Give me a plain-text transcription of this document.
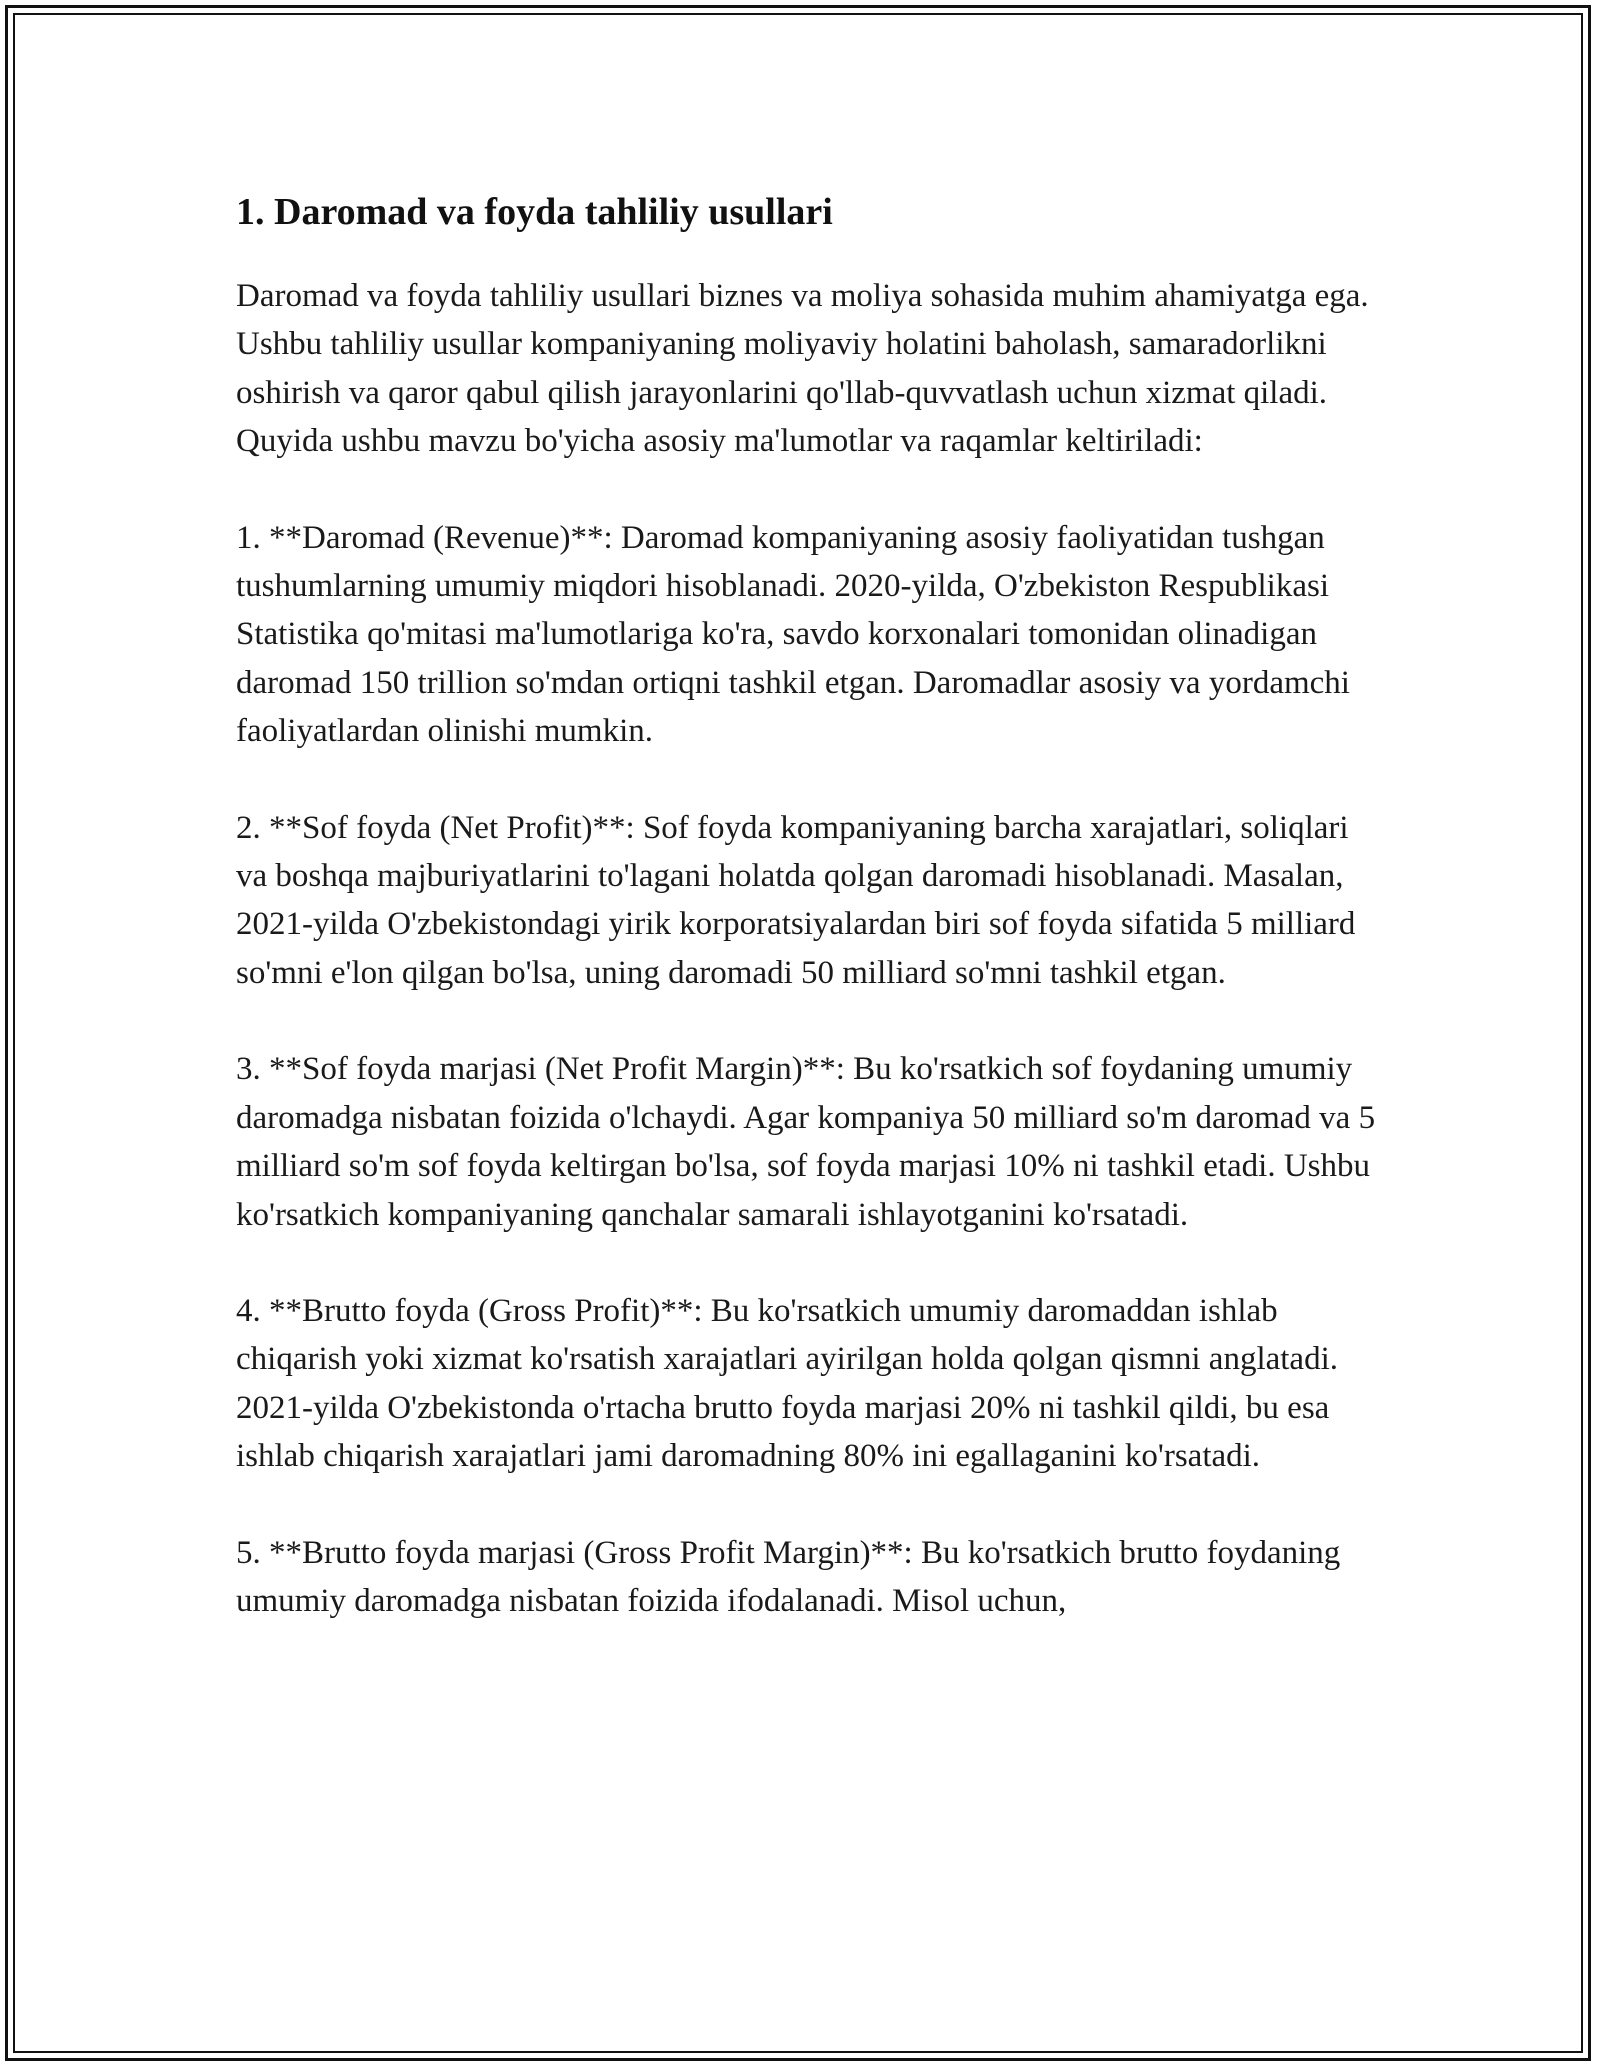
1. Daromad va foyda tahliliy usullari

Daromad va foyda tahliliy usullari biznes va moliya sohasida muhim ahamiyatga ega. Ushbu tahliliy usullar kompaniyaning moliyaviy holatini baholash, samaradorlikni oshirish va qaror qabul qilish jarayonlarini qo'llab-quvvatlash uchun xizmat qiladi. Quyida ushbu mavzu bo'yicha asosiy ma'lumotlar va raqamlar keltiriladi:

1. **Daromad (Revenue)**: Daromad kompaniyaning asosiy faoliyatidan tushgan tushumlarning umumiy miqdori hisoblanadi. 2020-yilda, O'zbekiston Respublikasi Statistika qo'mitasi ma'lumotlariga ko'ra, savdo korxonalari tomonidan olinadigan daromad 150 trillion so'mdan ortiqni tashkil etgan. Daromadlar asosiy va yordamchi faoliyatlardan olinishi mumkin.

2. **Sof foyda (Net Profit)**: Sof foyda kompaniyaning barcha xarajatlari, soliqlari va boshqa majburiyatlarini to'lagani holatda qolgan daromadi hisoblanadi. Masalan, 2021-yilda O'zbekistondagi yirik korporatsiyalardan biri sof foyda sifatida 5 milliard so'mni e'lon qilgan bo'lsa, uning daromadi 50 milliard so'mni tashkil etgan.

3. **Sof foyda marjasi (Net Profit Margin)**: Bu ko'rsatkich sof foydaning umumiy daromadga nisbatan foizida o'lchaydi. Agar kompaniya 50 milliard so'm daromad va 5 milliard so'm sof foyda keltirgan bo'lsa, sof foyda marjasi 10% ni tashkil etadi. Ushbu ko'rsatkich kompaniyaning qanchalar samarali ishlayotganini ko'rsatadi.

4. **Brutto foyda (Gross Profit)**: Bu ko'rsatkich umumiy daromaddan ishlab chiqarish yoki xizmat ko'rsatish xarajatlari ayirilgan holda qolgan qismni anglatadi. 2021-yilda O'zbekistonda o'rtacha brutto foyda marjasi 20% ni tashkil qildi, bu esa ishlab chiqarish xarajatlari jami daromadning 80% ini egallaganini ko'rsatadi.

5. **Brutto foyda marjasi (Gross Profit Margin)**: Bu ko'rsatkich brutto foydaning umumiy daromadga nisbatan foizida ifodalanadi. Misol uchun,
